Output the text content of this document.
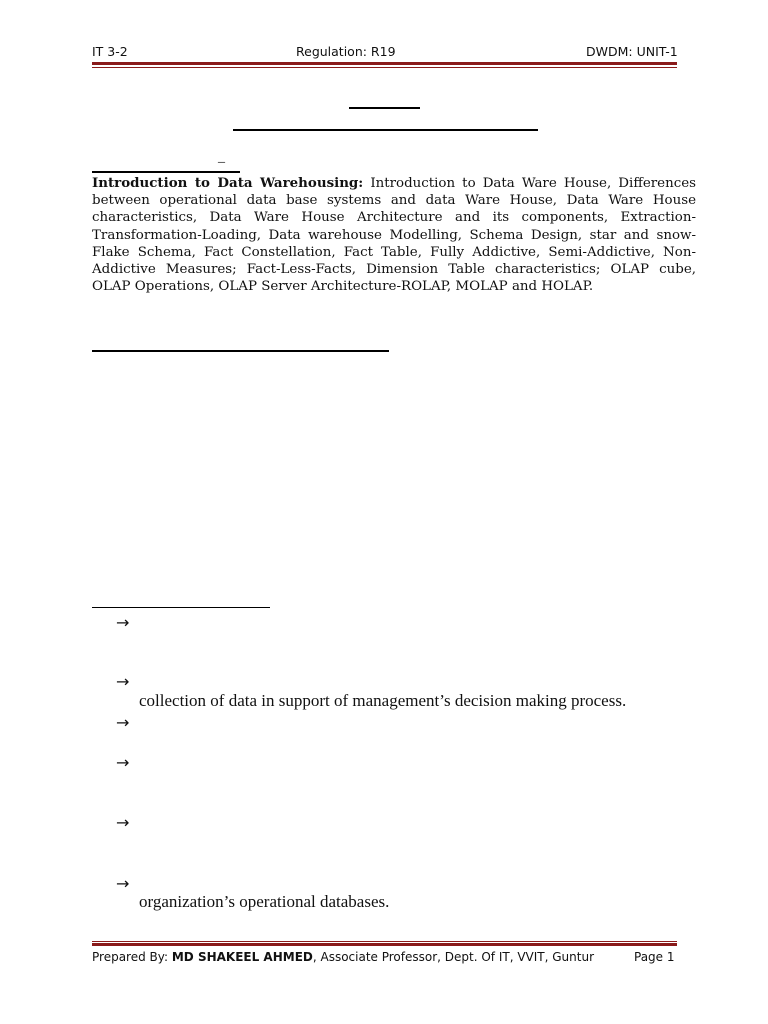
IT 3-2	Regulation: R19	DWDM: UNIT-1
_
Introduction to Data Warehousing: Introduction to Data Ware House, Differences between operational data base systems and data Ware House, Data Ware House characteristics, Data Ware House Architecture and its components, Extraction-Transformation-Loading, Data warehouse Modelling, Schema Design, star and snow-Flake Schema, Fact Constellation, Fact Table, Fully Addictive, Semi-Addictive, Non-Addictive Measures; Fact-Less-Facts, Dimension Table characteristics; OLAP cube, OLAP Operations, OLAP Server Architecture-ROLAP, MOLAP and HOLAP.
→
→
collection of data in support of management’s decision making process.
→
→
→
→
organization’s operational databases.
Prepared By: MD SHAKEEL AHMED, Associate Professor, Dept. Of IT, VVIT, Guntur	Page 1
